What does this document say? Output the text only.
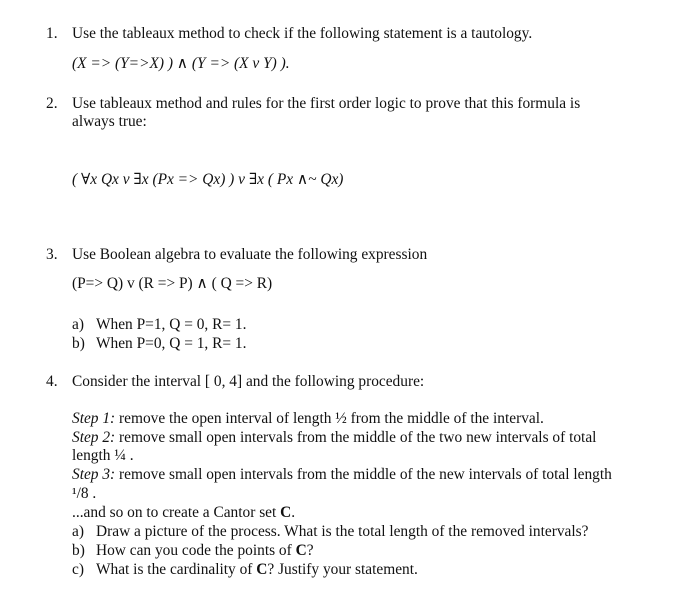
1. Use the tableaux method to check if the following statement is a tautology.
(X => (Y=>X) ) ∧ (Y => (X v Y) ).
2. Use tableaux method and rules for the first order logic to prove that this formula is
always true:
( ∀x Qx v ∃x (Px => Qx) ) v ∃x ( Px ∧~ Qx)
3. Use Boolean algebra to evaluate the following expression
(P=> Q) v (R => P) ∧ ( Q => R)
a) When P=1, Q = 0, R= 1.
b) When P=0, Q = 1, R= 1.
4. Consider the interval [ 0, 4] and the following procedure:
Step 1: remove the open interval of length ½ from the middle of the interval.
Step 2: remove small open intervals from the middle of the two new intervals of total
length ¼ .
Step 3: remove small open intervals from the middle of the new intervals of total length
¹/8 .
...and so on to create a Cantor set C.
a) Draw a picture of the process. What is the total length of the removed intervals?
b) How can you code the points of C?
c) What is the cardinality of C? Justify your statement.
